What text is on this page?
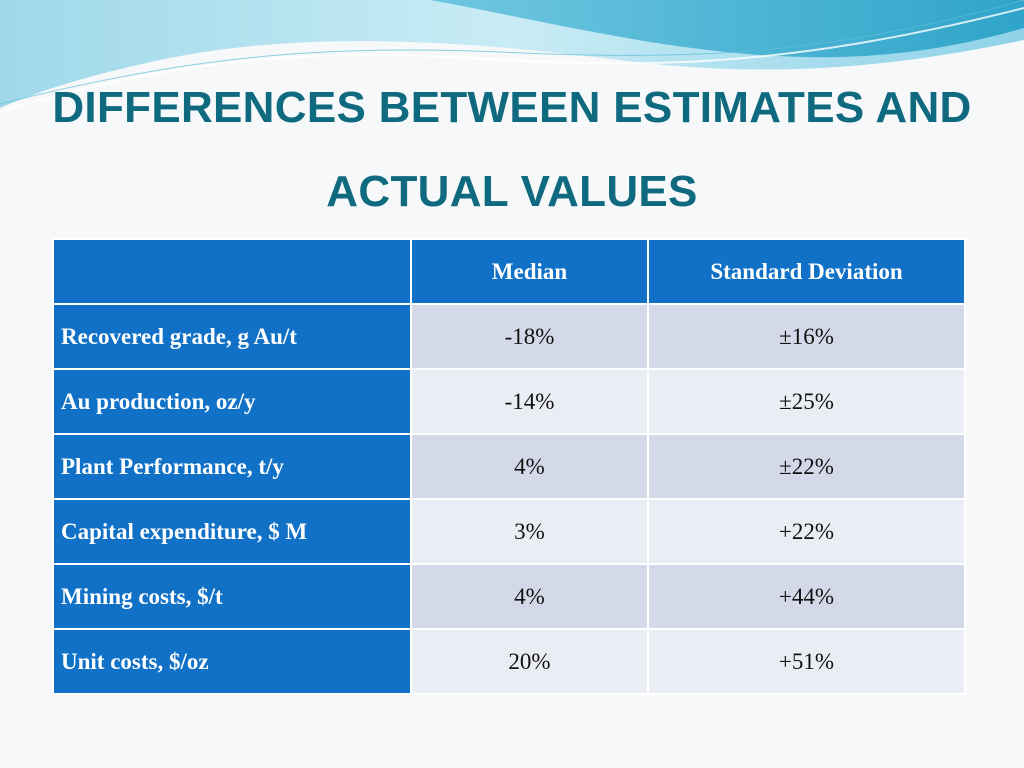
DIFFERENCES BETWEEN ESTIMATES AND
ACTUAL VALUES
	Median	Standard Deviation
Recovered grade, g Au/t	-18%	±16%
Au production, oz/y	-14%	±25%
Plant Performance, t/y	4%	±22%
Capital expenditure, $ M	3%	+22%
Mining costs, $/t	4%	+44%
Unit costs, $/oz	20%	+51%
